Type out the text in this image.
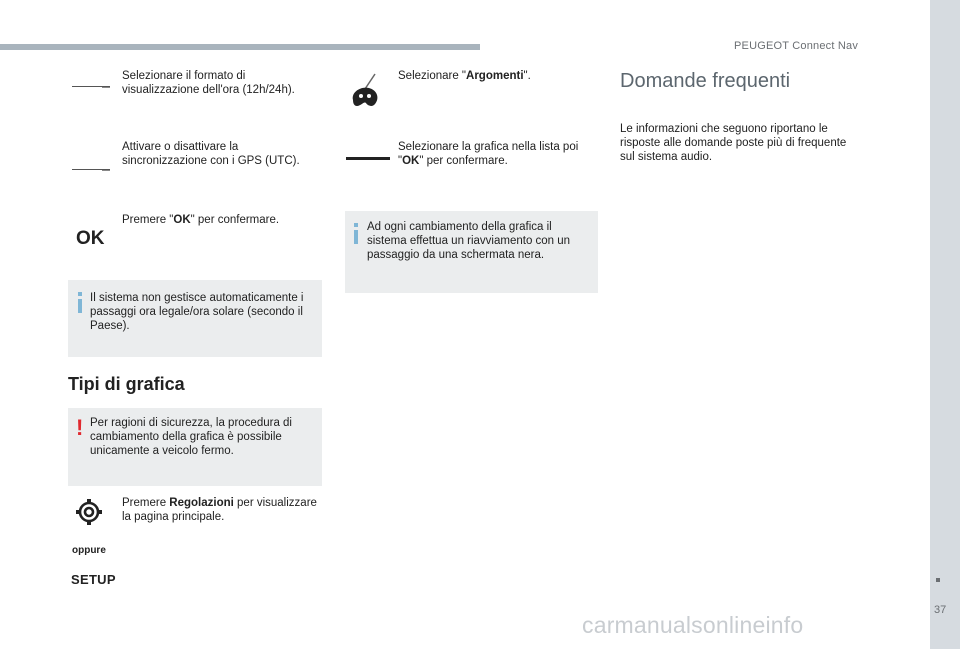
PEUGEOT Connect Nav
37
Selezionare il formato di visualizzazione dell'ora (12h/24h).
Attivare o disattivare la sincronizzazione con i GPS (UTC).
OK
Premere "OK" per confermare.
Il sistema non gestisce automaticamente i passaggi ora legale/ora solare (secondo il Paese).
Tipi di grafica
! Per ragioni di sicurezza, la procedura di cambiamento della grafica è possibile unicamente a veicolo fermo.
Premere Regolazioni per visualizzare la pagina principale.
oppure
SETUP
Selezionare "Argomenti".
Selezionare la grafica nella lista poi "OK" per confermare.
Ad ogni cambiamento della grafica il sistema effettua un riavviamento con un passaggio da una schermata nera.
Domande frequenti
Le informazioni che seguono riportano le risposte alle domande poste più di frequente sul sistema audio.
carmanualsonlineinfo
